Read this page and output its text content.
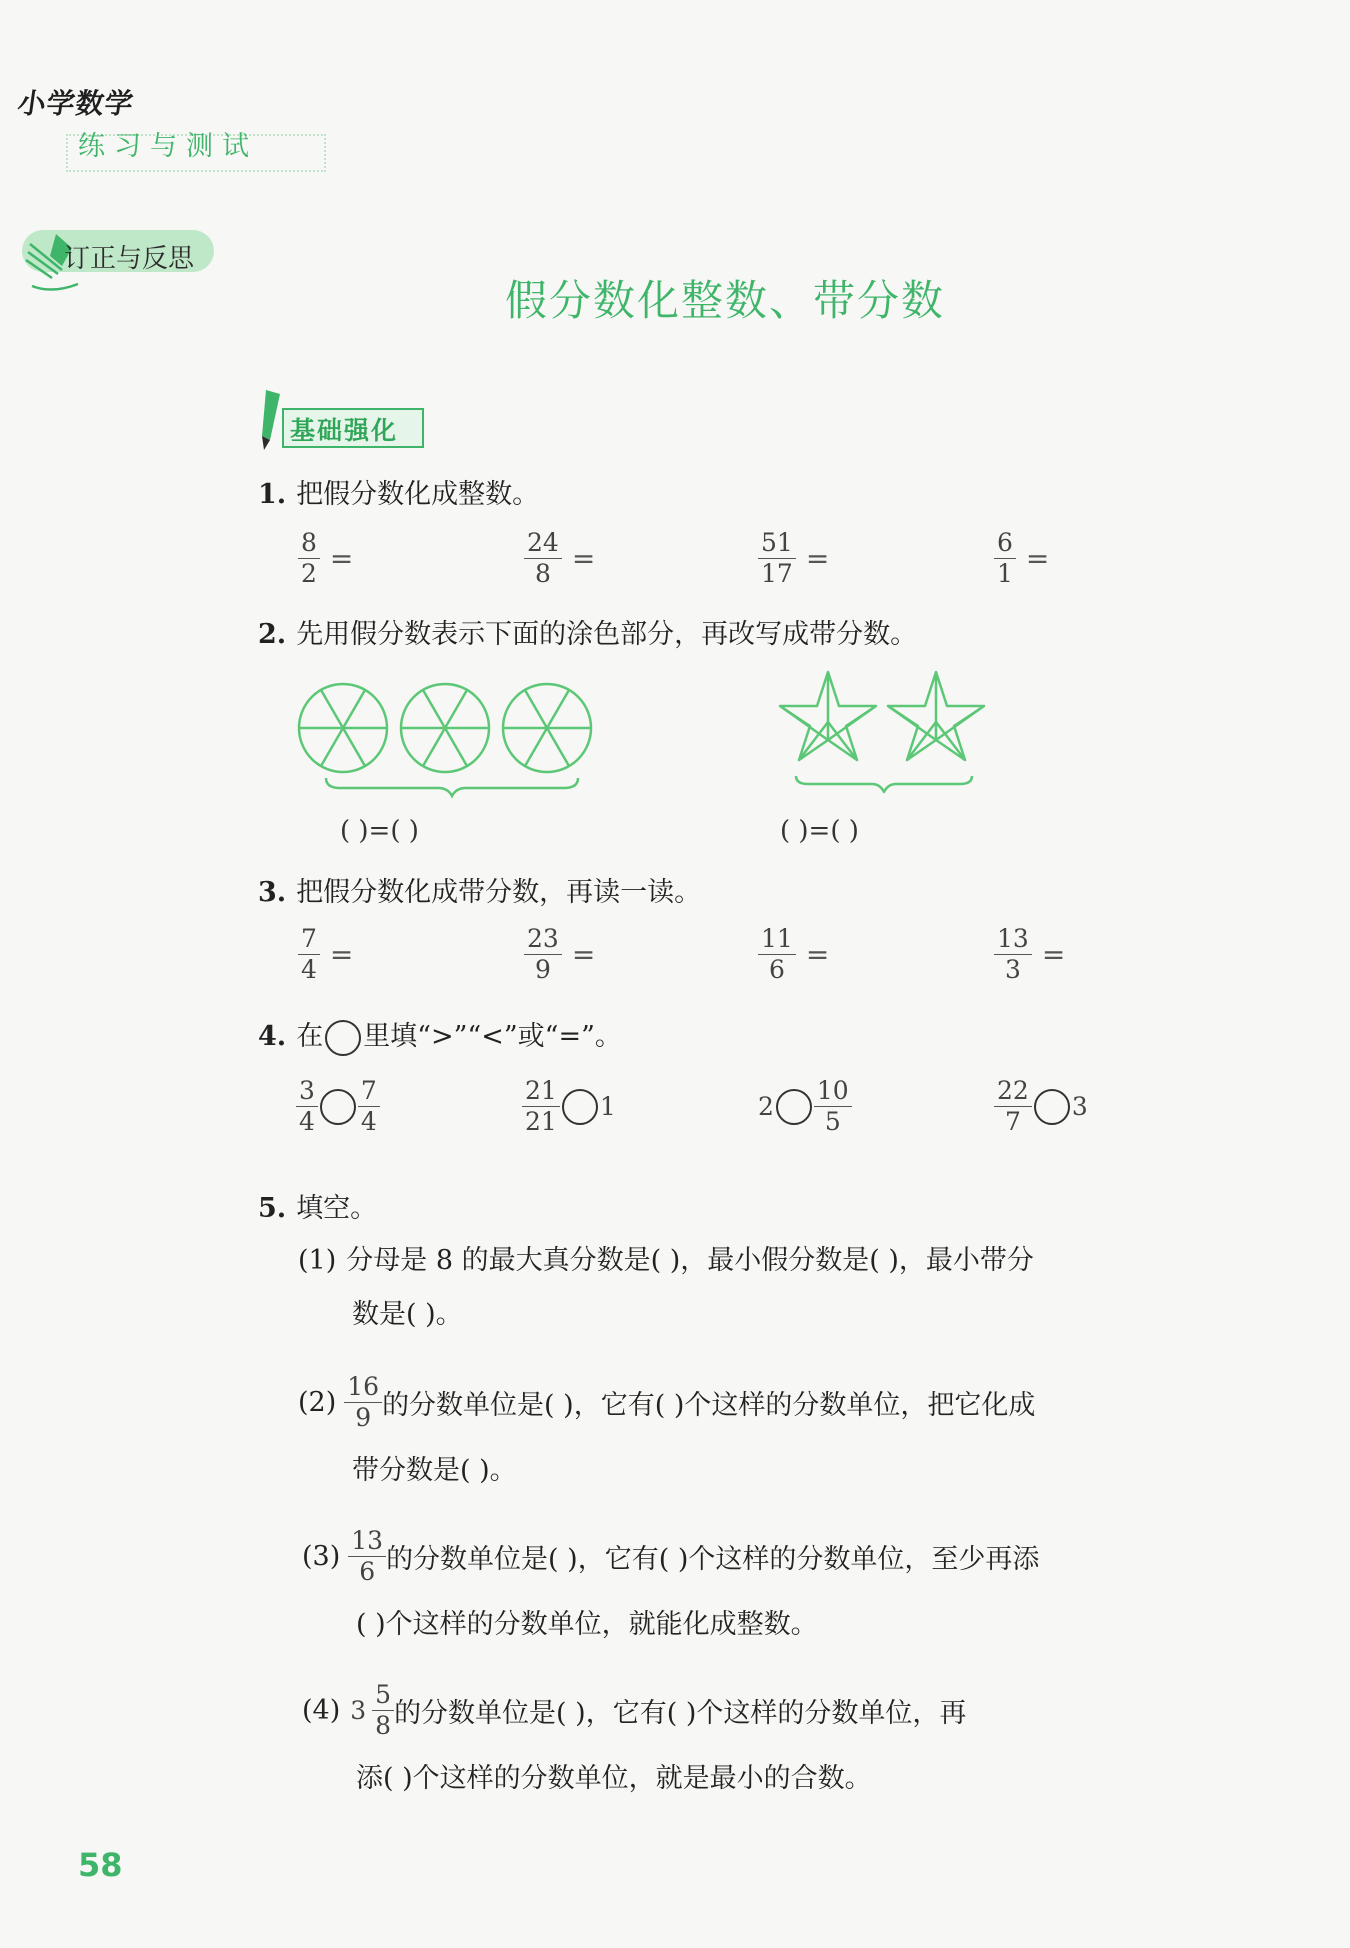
小学数学
练习与测试
订正与反思
假分数化整数、带分数
基础强化
1. 把假分数化成整数。
$\frac{8}{2}$ =	$\frac{24}{8}$ =	$\frac{51}{17}$ =	$\frac{6}{1}$ =
2. 先用假分数表示下面的涂色部分，再改写成带分数。
( )=( )	( )=( )
3. 把假分数化成带分数，再读一读。
$\frac{7}{4}$ =	$\frac{23}{9}$ =	$\frac{11}{6}$ =	$\frac{13}{3}$ =
4. 在 里填“>”“<”或“=”。
$\frac{3}{4} \frac{7}{4}$	$\frac{21}{21} 1$	$2 \frac{10}{5}$	$\frac{22}{7} 3$
5. 填空。
(1) 分母是 8 的最大真分数是( )，最小假分数是( )，最小带分
数是( )。
$(2) \frac{16}{9}$ 的分数单位是( )，它有( )个这样的分数单位，把它化成
带分数是( )。
$(3) \frac{13}{6}$ 的分数单位是( )，它有( )个这样的分数单位，至少再添
( )个这样的分数单位，就能化成整数。
(4) $3 \frac{5}{8}$ 的分数单位是( )，它有( )个这样的分数单位，再
添( )个这样的分数单位，就是最小的合数。
58
